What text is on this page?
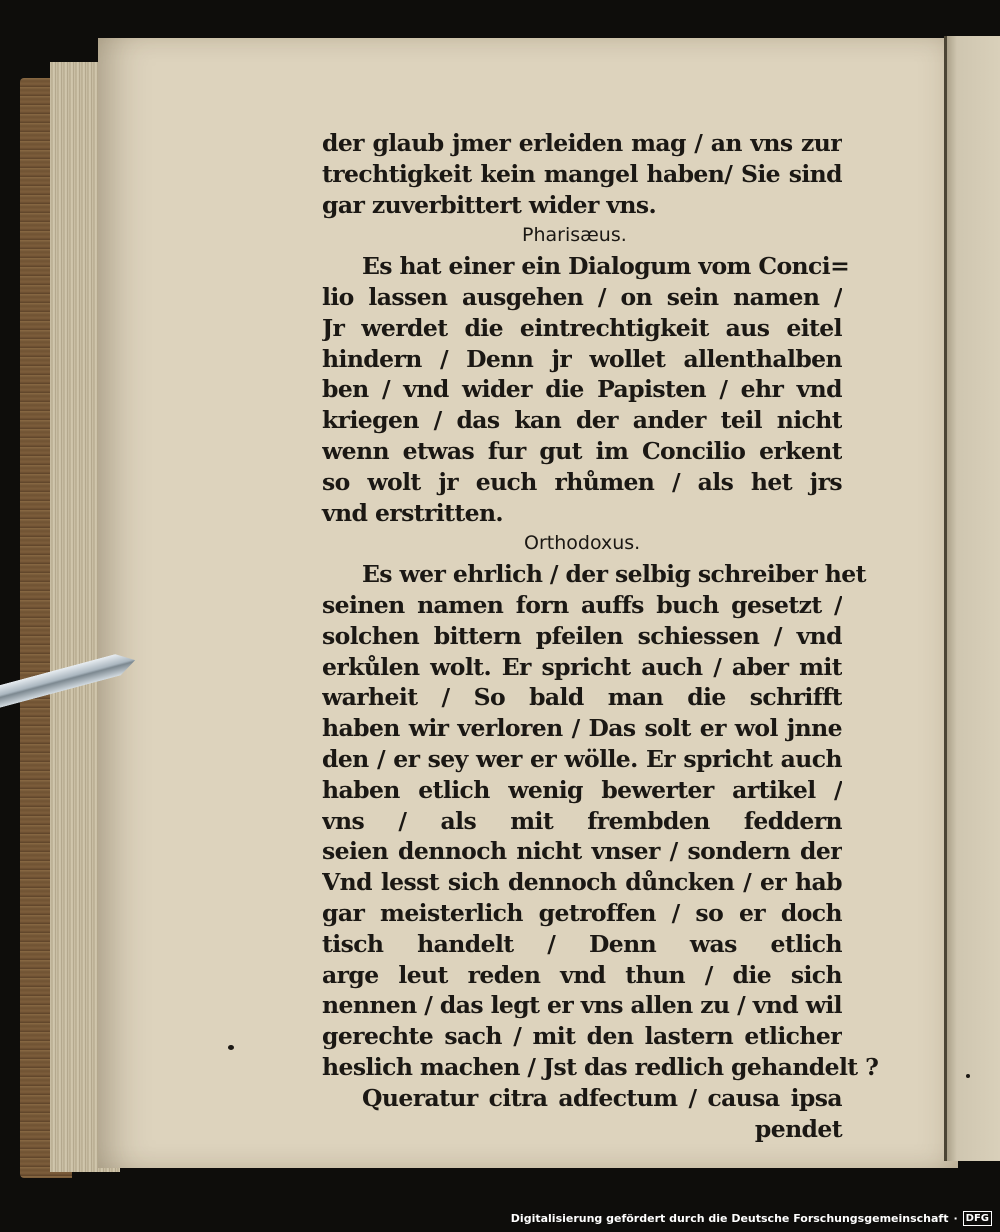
der glaub jmer erleiden mag / an vns zur
trechtigkeit kein mangel haben/ Sie sind
gar zuverbittert wider vns.
Pharisæus.
Es hat einer ein Dialogum vom Conci=
lio lassen ausgehen / on sein namen /
Jr werdet die eintrechtigkeit aus eitel
hindern / Denn jr wollet allenthalben
ben / vnd wider die Papisten / ehr vnd
kriegen / das kan der ander teil nicht
wenn etwas fur gut im Concilio erkent
so wolt jr euch rhůmen / als het jrs
vnd erstritten.
Orthodoxus.
Es wer ehrlich / der selbig schreiber het
seinen namen forn auffs buch gesetzt /
solchen bittern pfeilen schiessen / vnd
erkůlen wolt. Er spricht auch / aber mit
warheit / So bald man die schrifft
haben wir verloren / Das solt er wol jnne
den / er sey wer er wölle. Er spricht auch
haben etlich wenig bewerter artikel /
vns / als mit frembden feddern
seien dennoch nicht vnser / sondern der
Vnd lesst sich dennoch důncken / er hab
gar meisterlich getroffen / so er doch
tisch handelt / Denn was etlich
arge leut reden vnd thun / die sich
nennen / das legt er vns allen zu / vnd wil
gerechte sach / mit den lastern etlicher
heslich machen / Jst das redlich gehandelt ?
Queratur citra adfectum / causa ipsa
pendet
Digitalisierung gefördert durch die Deutsche Forschungsgemeinschaft · DFG
